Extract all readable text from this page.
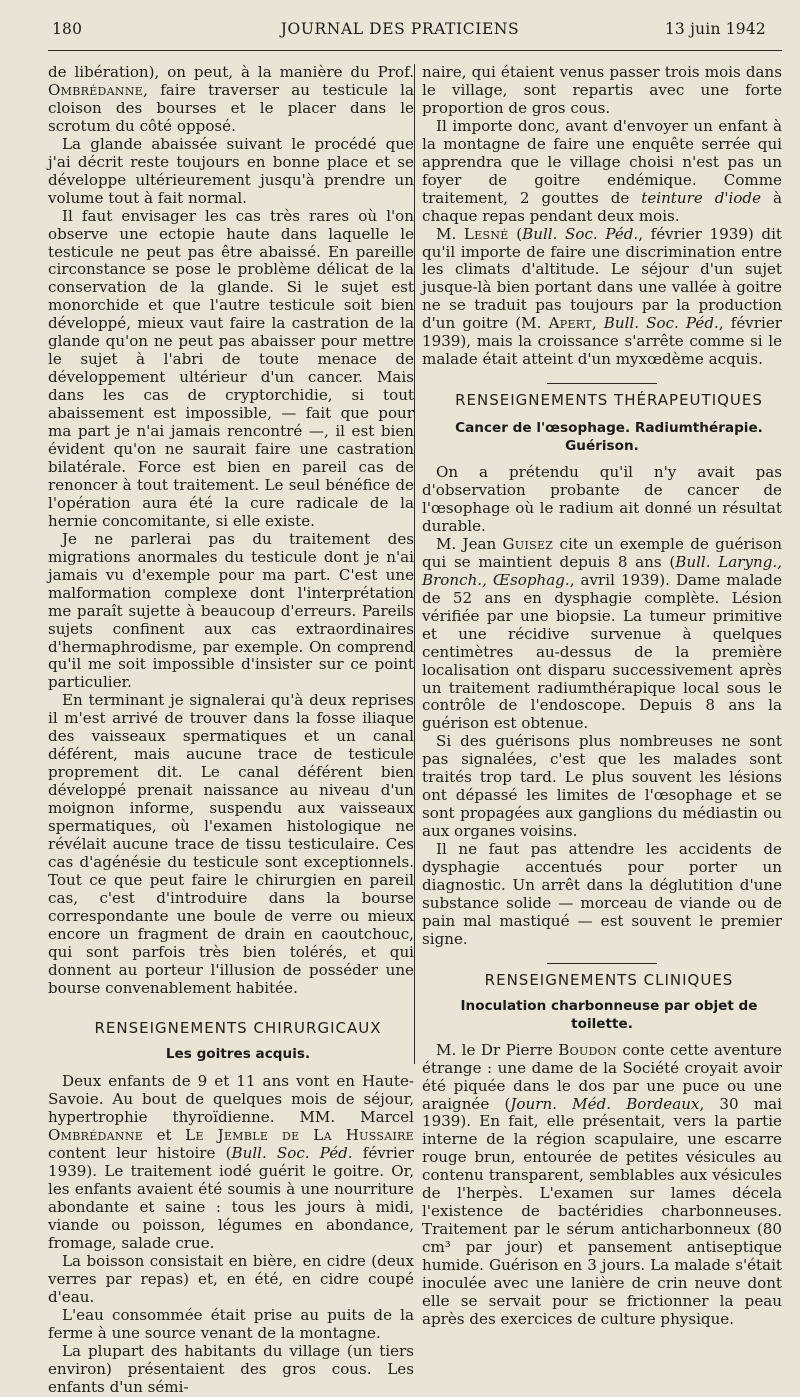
180	JOURNAL DES PRATICIENS	13 juin 1942

de libération), on peut, à la manière du Prof. Ombrédanne, faire traverser au testicule la cloison des bourses et le placer dans le scrotum du côté opposé.

La glande abaissée suivant le procédé que j'ai décrit reste toujours en bonne place et se développe ultérieurement jusqu'à prendre un volume tout à fait normal.

Il faut envisager les cas très rares où l'on observe une ectopie haute dans laquelle le testicule ne peut pas être abaissé. En pareille circonstance se pose le problème délicat de la conservation de la glande. Si le sujet est monorchide et que l'autre testicule soit bien développé, mieux vaut faire la castration de la glande qu'on ne peut pas abaisser pour mettre le sujet à l'abri de toute menace de développement ultérieur d'un cancer. Mais dans les cas de cryptorchidie, si tout abaissement est impossible, — fait que pour ma part je n'ai jamais rencontré —, il est bien évident qu'on ne saurait faire une castration bilatérale. Force est bien en pareil cas de renoncer à tout traitement. Le seul bénéfice de l'opération aura été la cure radicale de la hernie concomitante, si elle existe.

Je ne parlerai pas du traitement des migrations anormales du testicule dont je n'ai jamais vu d'exemple pour ma part. C'est une malformation complexe dont l'interprétation me paraît sujette à beaucoup d'erreurs. Pareils sujets confinent aux cas extraordinaires d'hermaphrodisme, par exemple. On comprend qu'il me soit impossible d'insister sur ce point particulier.

En terminant je signalerai qu'à deux reprises il m'est arrivé de trouver dans la fosse iliaque des vaisseaux spermatiques et un canal déférent, mais aucune trace de testicule proprement dit. Le canal déférent bien développé prenait naissance au niveau d'un moignon informe, suspendu aux vaisseaux spermatiques, où l'examen histologique ne révélait aucune trace de tissu testiculaire. Ces cas d'agénésie du testicule sont exceptionnels. Tout ce que peut faire le chirurgien en pareil cas, c'est d'introduire dans la bourse correspondante une boule de verre ou mieux encore un fragment de drain en caoutchouc, qui sont parfois très bien tolérés, et qui donnent au porteur l'illusion de posséder une bourse convenablement habitée.

RENSEIGNEMENTS CHIRURGICAUX

Les goitres acquis.

Deux enfants de 9 et 11 ans vont en Haute-Savoie. Au bout de quelques mois de séjour, hypertrophie thyroïdienne. MM. Marcel Ombrédanne et Le Jemble de La Hussaire content leur histoire (Bull. Soc. Péd. février 1939). Le traitement iodé guérit le goitre. Or, les enfants avaient été soumis à une nourriture abondante et saine : tous les jours à midi, viande ou poisson, légumes en abondance, fromage, salade crue.

La boisson consistait en bière, en cidre (deux verres par repas) et, en été, en cidre coupé d'eau.

L'eau consommée était prise au puits de la ferme à une source venant de la montagne.

La plupart des habitants du village (un tiers environ) présentaient des gros cous. Les enfants d'un sémi-

naire, qui étaient venus passer trois mois dans le village, sont repartis avec une forte proportion de gros cous.

Il importe donc, avant d'envoyer un enfant à la montagne de faire une enquête serrée qui apprendra que le village choisi n'est pas un foyer de goitre endémique. Comme traitement, 2 gouttes de teinture d'iode à chaque repas pendant deux mois.

M. Lesné (Bull. Soc. Péd., février 1939) dit qu'il importe de faire une discrimination entre les climats d'altitude. Le séjour d'un sujet jusque-là bien portant dans une vallée à goitre ne se traduit pas toujours par la production d'un goitre (M. Apert, Bull. Soc. Péd., février 1939), mais la croissance s'arrête comme si le malade était atteint d'un myxœdème acquis.

RENSEIGNEMENTS THÉRAPEUTIQUES

Cancer de l'œsophage. Radiumthérapie. Guérison.

On a prétendu qu'il n'y avait pas d'observation probante de cancer de l'œsophage où le radium ait donné un résultat durable.

M. Jean Guisez cite un exemple de guérison qui se maintient depuis 8 ans (Bull. Laryng., Bronch., Œsophag., avril 1939). Dame malade de 52 ans en dysphagie complète. Lésion vérifiée par une biopsie. La tumeur primitive et une récidive survenue à quelques centimètres au-dessus de la première localisation ont disparu successivement après un traitement radiumthérapique local sous le contrôle de l'endoscope. Depuis 8 ans la guérison est obtenue.

Si des guérisons plus nombreuses ne sont pas signalées, c'est que les malades sont traités trop tard. Le plus souvent les lésions ont dépassé les limites de l'œsophage et se sont propagées aux ganglions du médiastin ou aux organes voisins.

Il ne faut pas attendre les accidents de dysphagie accentués pour porter un diagnostic. Un arrêt dans la déglutition d'une substance solide — morceau de viande ou de pain mal mastiqué — est souvent le premier signe.

RENSEIGNEMENTS CLINIQUES

Inoculation charbonneuse par objet de toilette.

M. le Dr Pierre Boudon conte cette aventure étrange : une dame de la Société croyait avoir été piquée dans le dos par une puce ou une araignée (Journ. Méd. Bordeaux, 30 mai 1939). En fait, elle présentait, vers la partie interne de la région scapulaire, une escarre rouge brun, entourée de petites vésicules au contenu transparent, semblables aux vésicules de l'herpès. L'examen sur lames décela l'existence de bactéridies charbonneuses. Traitement par le sérum anticharbonneux (80 cm³ par jour) et pansement antiseptique humide. Guérison en 3 jours. La malade s'était inoculée avec une lanière de crin neuve dont elle se servait pour se frictionner la peau après des exercices de culture physique.
